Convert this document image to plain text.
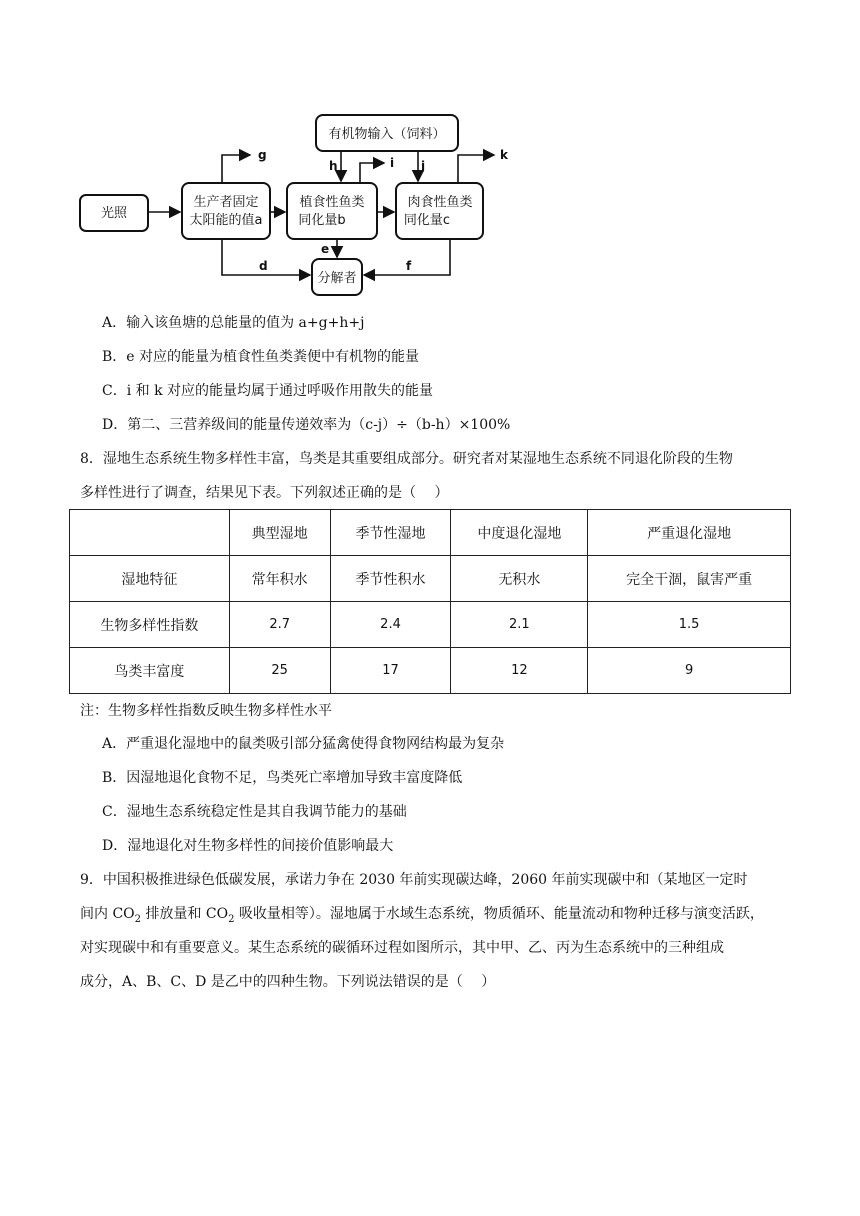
光照
生产者固定
太阳能的值a
植食性鱼类
同化量b
肉食性鱼类
同化量c
有机物输入（饲料）
分解者
g
h	i j
k
d
e
f
A．输入该鱼塘的总能量的值为 a+g+h+j
B．e 对应的能量为植食性鱼类粪便中有机物的能量
C．i 和 k 对应的能量均属于通过呼吸作用散失的能量
D．第二、三营养级间的能量传递效率为（c-j）÷（b-h）×100%
8．湿地生态系统生物多样性丰富，鸟类是其重要组成部分。研究者对某湿地生态系统不同退化阶段的生物
多样性进行了调查，结果见下表。下列叙述正确的是（　 ）
	典型湿地	季节性湿地	中度退化湿地	严重退化湿地
湿地特征	常年积水	季节性积水	无积水	完全干涸，鼠害严重
生物多样性指数	2.7	2.4	2.1	1.5
鸟类丰富度	25	17	12	9
注：生物多样性指数反映生物多样性水平
A．严重退化湿地中的鼠类吸引部分猛禽使得食物网结构最为复杂
B．因湿地退化食物不足，鸟类死亡率增加导致丰富度降低
C．湿地生态系统稳定性是其自我调节能力的基础
D．湿地退化对生物多样性的间接价值影响最大
9．中国积极推进绿色低碳发展，承诺力争在 2030 年前实现碳达峰，2060 年前实现碳中和（某地区一定时
间内 $CO_2$ 排放量和 $CO_2$ 吸收量相等）。湿地属于水域生态系统，物质循环、能量流动和物种迁移与演变活跃，
对实现碳中和有重要意义。某生态系统的碳循环过程如图所示，其中甲、乙、丙为生态系统中的三种组成
成分，A、B、C、D 是乙中的四种生物。下列说法错误的是（　 ）
